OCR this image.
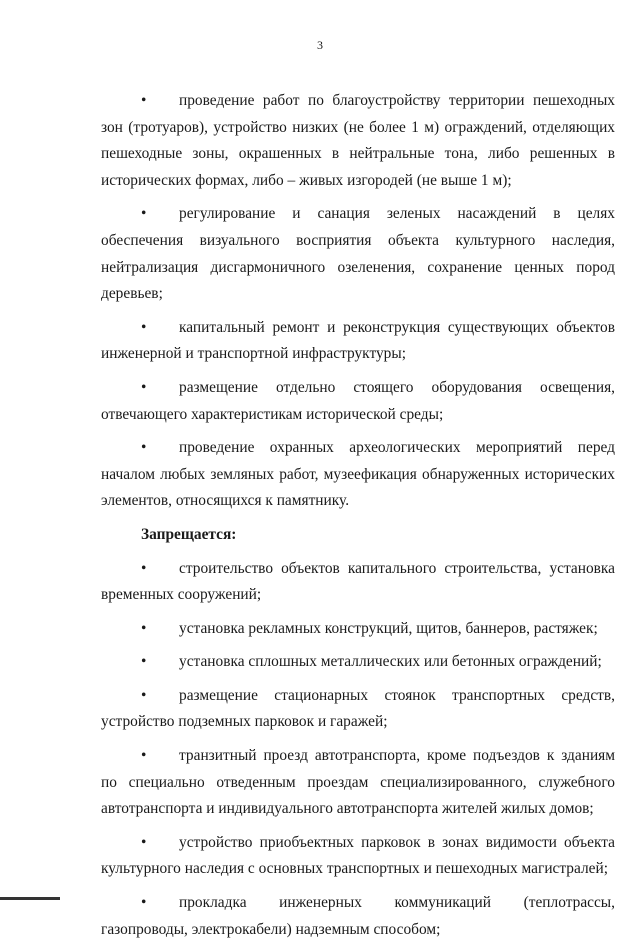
3

• проведение работ по благоустройству территории пешеходных зон (тротуаров), устройство низких (не более 1 м) ограждений, отделяющих пешеходные зоны, окрашенных в нейтральные тона, либо решенных в исторических формах, либо – живых изгородей (не выше 1 м);

• регулирование и санация зеленых насаждений в целях обеспечения визуального восприятия объекта культурного наследия, нейтрализация дисгармоничного озеленения, сохранение ценных пород деревьев;

• капитальный ремонт и реконструкция существующих объектов инженерной и транспортной инфраструктуры;

• размещение отдельно стоящего оборудования освещения, отвечающего характеристикам исторической среды;

• проведение охранных археологических мероприятий перед началом любых земляных работ, музеефикация обнаруженных исторических элементов, относящихся к памятнику.

Запрещается:

• строительство объектов капитального строительства, установка временных сооружений;

• установка рекламных конструкций, щитов, баннеров, растяжек;

• установка сплошных металлических или бетонных ограждений;

• размещение стационарных стоянок транспортных средств, устройство подземных парковок и гаражей;

• транзитный проезд автотранспорта, кроме подъездов к зданиям по специально отведенным проездам специализированного, служебного автотранспорта и индивидуального автотранспорта жителей жилых домов;

• устройство приобъектных парковок в зонах видимости объекта культурного наследия с основных транспортных и пешеходных магистралей;

• прокладка инженерных коммуникаций (теплотрассы, газопроводы, электрокабели) надземным способом;
